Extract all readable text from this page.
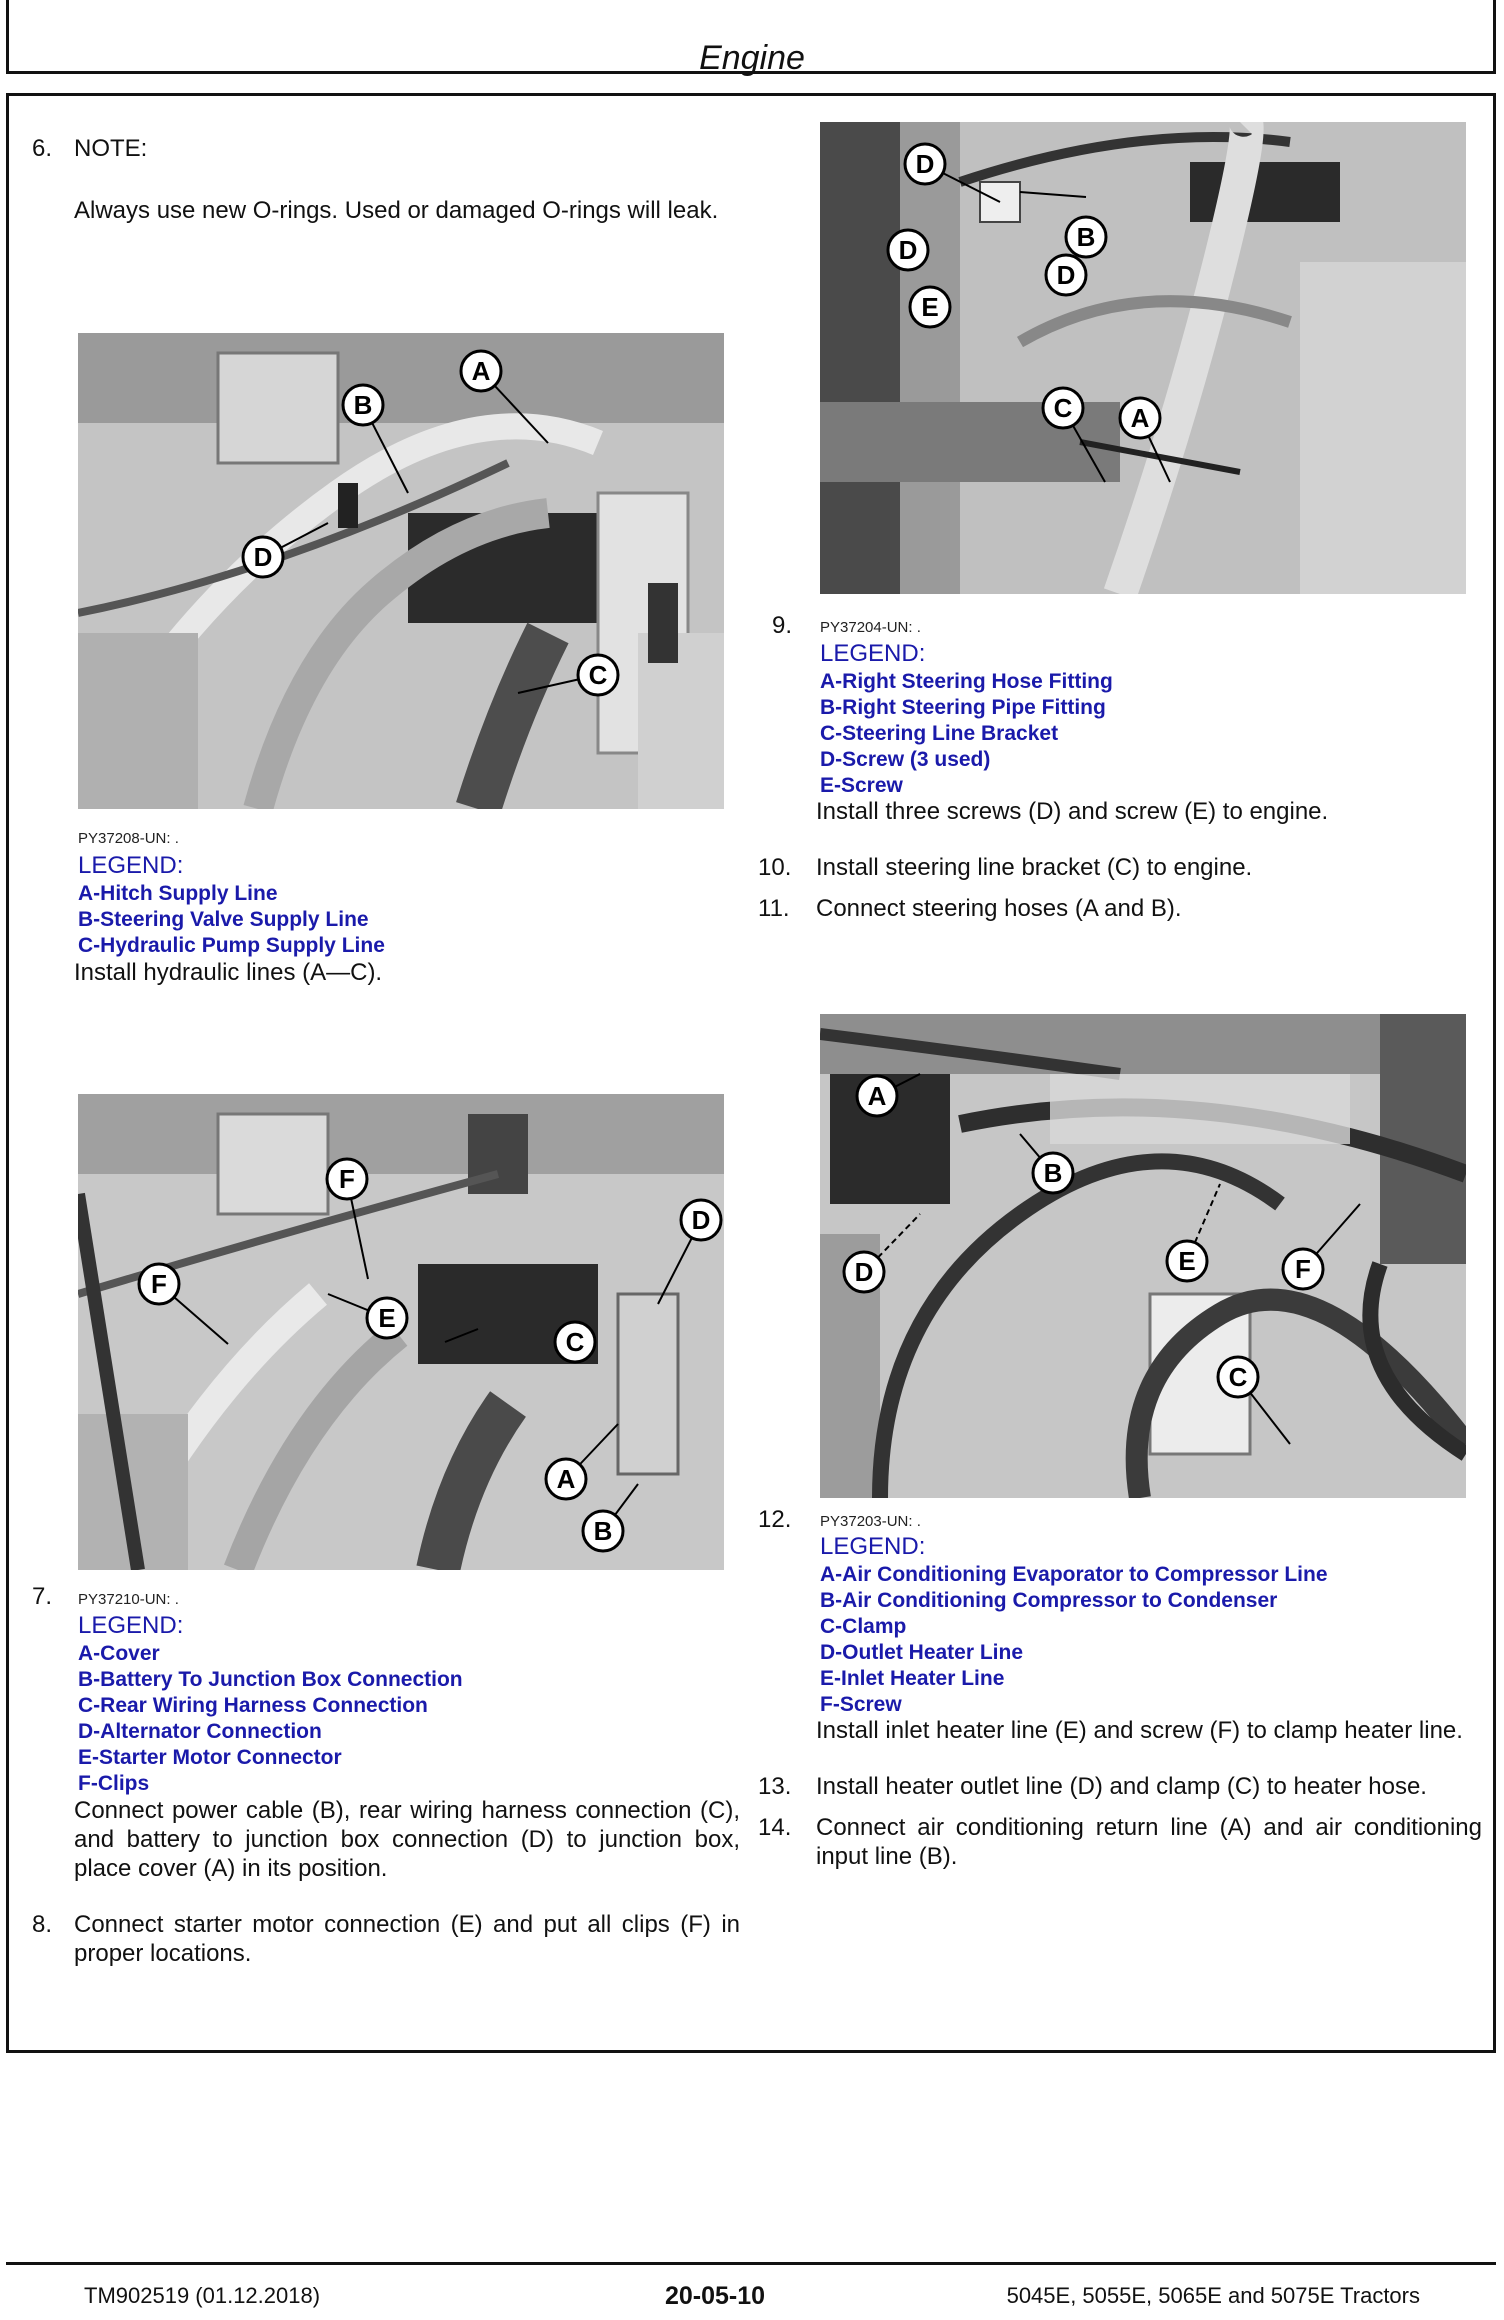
Engine
6. NOTE:
Always use new O-rings. Used or damaged O-rings will leak.
A
B
C
D
PY37208-UN: .
LEGEND:
A-Hitch Supply Line
B-Steering Valve Supply Line
C-Hydraulic Pump Supply Line
Install hydraulic lines (A—C).
F
D
F
E
C
A
B
7. PY37210-UN: .
LEGEND:
A-Cover
B-Battery To Junction Box Connection
C-Rear Wiring Harness Connection
D-Alternator Connection
E-Starter Motor Connector
F-Clips
Connect power cable (B), rear wiring harness connection (C), and battery to junction box connection (D) to junction box, place cover (A) in its position.
8. Connect starter motor connection (E) and put all clips (F) in proper locations.
D
D	B
D
E
C A
9. PY37204-UN: .
LEGEND:
A-Right Steering Hose Fitting
B-Right Steering Pipe Fitting
C-Steering Line Bracket
D-Screw (3 used)
E-Screw
Install three screws (D) and screw (E) to engine.
10. Install steering line bracket (C) to engine.
11. Connect steering hoses (A and B).
A
B
D	E	F
C
12. PY37203-UN: .
LEGEND:
A-Air Conditioning Evaporator to Compressor Line
B-Air Conditioning Compressor to Condenser
C-Clamp
D-Outlet Heater Line
E-Inlet Heater Line
F-Screw
Install inlet heater line (E) and screw (F) to clamp heater line.
13. Install heater outlet line (D) and clamp (C) to heater hose.
14. Connect air conditioning return line (A) and air conditioning input line (B).
TM902519 (01.12.2018)	20-05-10	5045E, 5055E, 5065E and 5075E Tractors
